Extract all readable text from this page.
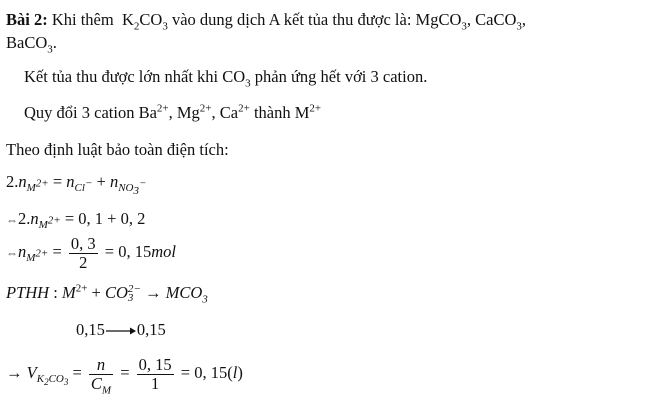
Bài 2: Khi thêm $K_2CO_3$ vào dung dịch A kết tủa thu được là: MgCO$_3$, CaCO$_3$,
BaCO$_3$.
Kết tủa thu được lớn nhất khi $CO_3$ phản ứng hết với 3 cation.
Quy đổi 3 cation $Ba^{2+}$, $Mg^{2+}$, $Ca^{2+}$ thành $M^{2+}$
Theo định luật bảo toàn điện tích:
$2.n_{M^{2+}} = n_{Cl^-} + n_{NO_3^-}$
$\Leftrightarrow 2.n_{M^{2+}} = 0$, 1 + 0, 2
$\Leftrightarrow n_{M^{2+}} = \frac{0, 3}{2} = 0$, 15mol
PTHH : $M^{2+}$ + CO 2−
$3 \to MCO_3$
0,15 0,15
→ $V_{K_2CO_3} = \frac{n}{C_M} = \frac{0, 15}{1} = 0$, 15(l)
